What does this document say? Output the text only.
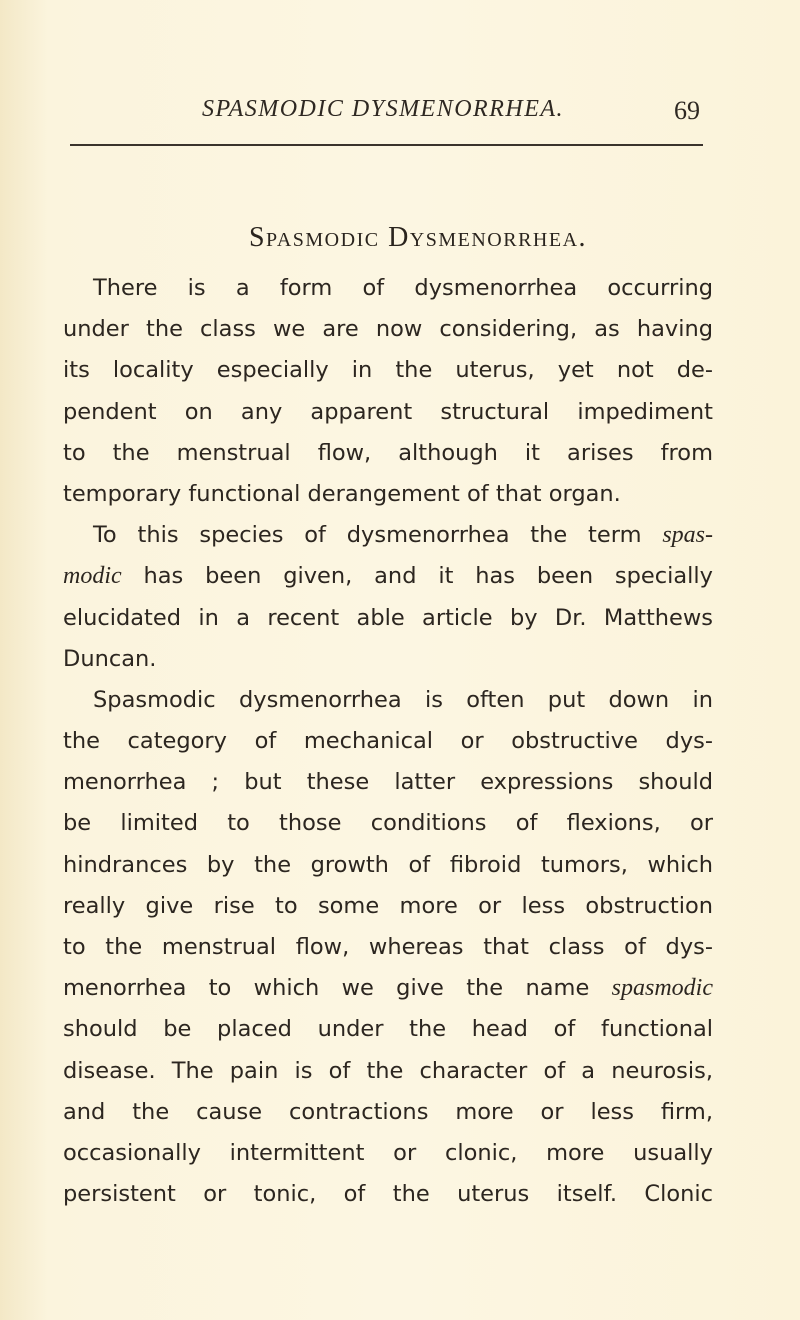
SPASMODIC DYSMENORRHEA.	69
Spasmodic Dysmenorrhea.
There is a form of dysmenorrhea occurring
under the class we are now considering, as having
its locality especially in the uterus, yet not de-
pendent on any apparent structural impediment
to the menstrual flow, although it arises from
temporary functional derangement of that organ.
To this species of dysmenorrhea the term spas-
modic has been given, and it has been specially
elucidated in a recent able article by Dr. Matthews
Duncan.
Spasmodic dysmenorrhea is often put down in
the category of mechanical or obstructive dys-
menorrhea ; but these latter expressions should
be limited to those conditions of flexions, or
hindrances by the growth of fibroid tumors, which
really give rise to some more or less obstruction
to the menstrual flow, whereas that class of dys-
menorrhea to which we give the name spasmodic
should be placed under the head of functional
disease. The pain is of the character of a neurosis,
and the cause contractions more or less firm,
occasionally intermittent or clonic, more usually
persistent or tonic, of the uterus itself. Clonic
